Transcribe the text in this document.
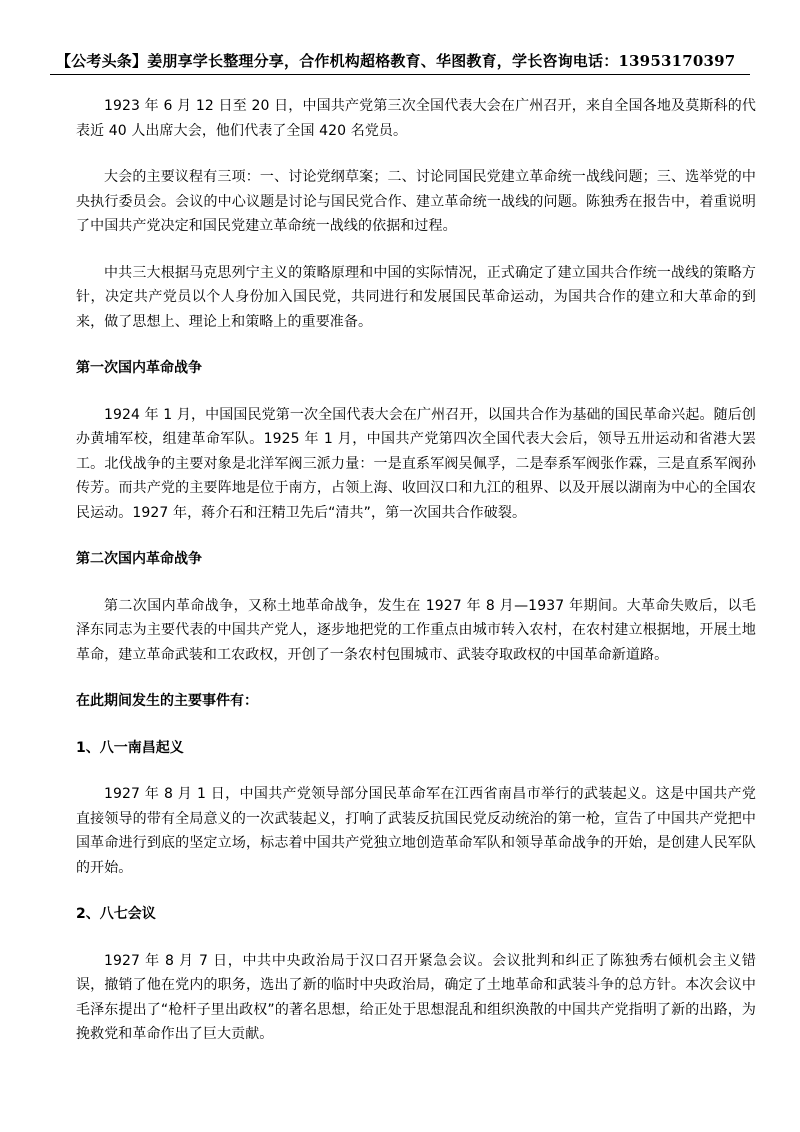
【公考头条】姜朋享学长整理分享，合作机构超格教育、华图教育，学长咨询电话：13953170397

1923 年 6 月 12 日至 20 日，中国共产党第三次全国代表大会在广州召开，来自全国各地及莫斯科的代表近 40 人出席大会，他们代表了全国 420 名党员。

大会的主要议程有三项：一、讨论党纲草案；二、讨论同国民党建立革命统一战线问题；三、选举党的中央执行委员会。会议的中心议题是讨论与国民党合作、建立革命统一战线的问题。陈独秀在报告中，着重说明了中国共产党决定和国民党建立革命统一战线的依据和过程。

中共三大根据马克思列宁主义的策略原理和中国的实际情况，正式确定了建立国共合作统一战线的策略方针，决定共产党员以个人身份加入国民党，共同进行和发展国民革命运动，为国共合作的建立和大革命的到来，做了思想上、理论上和策略上的重要准备。

第一次国内革命战争

1924 年 1 月，中国国民党第一次全国代表大会在广州召开，以国共合作为基础的国民革命兴起。随后创办黄埔军校，组建革命军队。1925 年 1 月，中国共产党第四次全国代表大会后，领导五卅运动和省港大罢工。北伐战争的主要对象是北洋军阀三派力量：一是直系军阀吴佩孚，二是奉系军阀张作霖，三是直系军阀孙传芳。而共产党的主要阵地是位于南方，占领上海、收回汉口和九江的租界、以及开展以湖南为中心的全国农民运动。1927 年，蒋介石和汪精卫先后“清共”，第一次国共合作破裂。

第二次国内革命战争

第二次国内革命战争，又称土地革命战争，发生在 1927 年 8 月—1937 年期间。大革命失败后，以毛泽东同志为主要代表的中国共产党人，逐步地把党的工作重点由城市转入农村，在农村建立根据地，开展土地革命，建立革命武装和工农政权，开创了一条农村包围城市、武装夺取政权的中国革命新道路。

在此期间发生的主要事件有：

1、八一南昌起义

1927 年 8 月 1 日，中国共产党领导部分国民革命军在江西省南昌市举行的武装起义。这是中国共产党直接领导的带有全局意义的一次武装起义，打响了武装反抗国民党反动统治的第一枪，宣告了中国共产党把中国革命进行到底的坚定立场，标志着中国共产党独立地创造革命军队和领导革命战争的开始，是创建人民军队的开始。

2、八七会议

1927 年 8 月 7 日，中共中央政治局于汉口召开紧急会议。会议批判和纠正了陈独秀右倾机会主义错误，撤销了他在党内的职务，选出了新的临时中央政治局，确定了土地革命和武装斗争的总方针。本次会议中毛泽东提出了“枪杆子里出政权”的著名思想，给正处于思想混乱和组织涣散的中国共产党指明了新的出路，为挽救党和革命作出了巨大贡献。
